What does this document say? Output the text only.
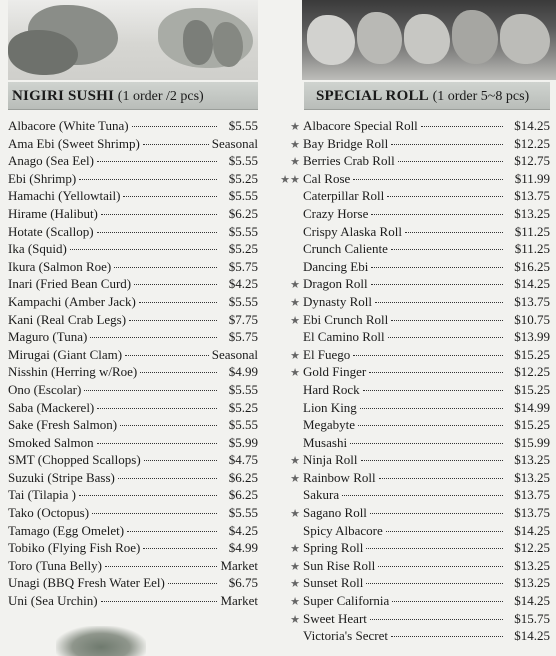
NIGIRI SUSHI (1 order /2 pcs)
Albacore (White Tuna)	$5.55
Ama Ebi (Sweet Shrimp)	Seasonal
Anago (Sea Eel)	$5.55
Ebi (Shrimp)	$5.25
Hamachi (Yellowtail)	$5.55
Hirame (Halibut)	$6.25
Hotate (Scallop)	$5.55
Ika (Squid)	$5.25
Ikura (Salmon Roe)	$5.75
Inari (Fried Bean Curd)	$4.25
Kampachi (Amber Jack)	$5.55
Kani (Real Crab Legs)	$7.75
Maguro (Tuna)	$5.75
Mirugai (Giant Clam)	Seasonal
Nisshin (Herring w/Roe)	$4.99
Ono (Escolar)	$5.55
Saba (Mackerel)	$5.25
Sake (Fresh Salmon)	$5.55
Smoked Salmon	$5.99
SMT (Chopped Scallops)	$4.75
Suzuki (Stripe Bass)	$6.25
Tai (Tilapia )	$6.25
Tako (Octopus)	$5.55
Tamago (Egg Omelet)	$4.25
Tobiko (Flying Fish Roe)	$4.99
Toro (Tuna Belly)	Market
Unagi (BBQ Fresh Water Eel)	$6.75
Uni (Sea Urchin)	Market
SPECIAL ROLL (1 order 5~8 pcs)
★ Albacore Special Roll	$14.25
★ Bay Bridge Roll	$12.25
★ Berries Crab Roll	$12.75
★★ Cal Rose	$11.99
Caterpillar Roll	$13.75
Crazy Horse	$13.25
Crispy Alaska Roll	$11.25
Crunch Caliente	$11.25
Dancing Ebi	$16.25
★ Dragon Roll	$14.25
★ Dynasty Roll	$13.75
★ Ebi Crunch Roll	$10.75
El Camino Roll	$13.99
★ El Fuego	$15.25
★ Gold Finger	$12.25
Hard Rock	$15.25
Lion King	$14.99
Megabyte	$15.25
Musashi	$15.99
★ Ninja Roll	$13.25
★ Rainbow Roll	$13.25
Sakura	$13.75
★ Sagano Roll	$13.75
Spicy Albacore	$14.25
★ Spring Roll	$12.25
★ Sun Rise Roll	$13.25
★ Sunset Roll	$13.25
★ Super California	$14.25
★ Sweet Heart	$15.75
Victoria's Secret	$14.25
